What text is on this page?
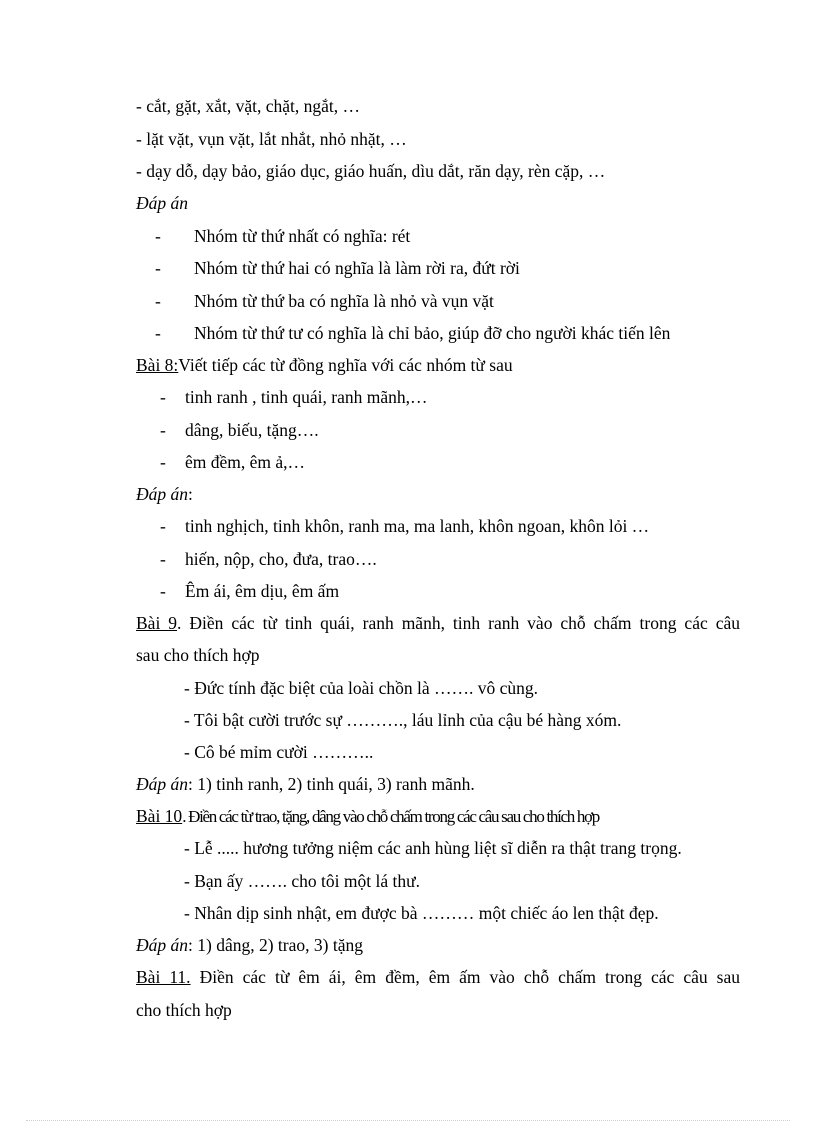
- cắt, gặt, xắt, vặt, chặt, ngắt, …
- lặt vặt, vụn vặt, lắt nhắt, nhỏ nhặt, …
- dạy dỗ, dạy bảo, giáo dục, giáo huấn, dìu dắt, răn dạy, rèn cặp, …
Đáp án
- Nhóm từ thứ nhất có nghĩa: rét
- Nhóm từ thứ hai có nghĩa là làm rời ra, đứt rời
- Nhóm từ thứ ba có nghĩa là nhỏ và vụn vặt
- Nhóm từ thứ tư có nghĩa là chỉ bảo, giúp đỡ cho người khác tiến lên
Bài 8:Viết tiếp các từ đồng nghĩa với các nhóm từ sau
- tinh ranh , tinh quái, ranh mãnh,…
- dâng, biếu, tặng….
- êm đềm, êm ả,…
Đáp án:
- tinh nghịch, tinh khôn, ranh ma, ma lanh, khôn ngoan, khôn lỏi …
- hiến, nộp, cho, đưa, trao….
- Êm ái, êm dịu, êm ấm
Bài 9. Điền các từ tinh quái, ranh mãnh, tinh ranh vào chỗ chấm trong các câu
sau cho thích hợp
- Đức tính đặc biệt của loài chồn là ……. vô cùng.
- Tôi bật cười trước sự ………., láu lỉnh của cậu bé hàng xóm.
- Cô bé mỉm cười ………..
Đáp án: 1) tinh ranh, 2) tinh quái, 3) ranh mãnh.
Bài 10. Điền các từ trao, tặng, dâng vào chỗ chấm trong các câu sau cho thích hợp
- Lễ ..... hương tưởng niệm các anh hùng liệt sĩ diễn ra thật trang trọng.
- Bạn ấy ……. cho tôi một lá thư.
- Nhân dịp sinh nhật, em được bà ……… một chiếc áo len thật đẹp.
Đáp án: 1) dâng, 2) trao, 3) tặng
Bài 11. Điền các từ êm ái, êm đềm, êm ấm vào chỗ chấm trong các câu sau
cho thích hợp
